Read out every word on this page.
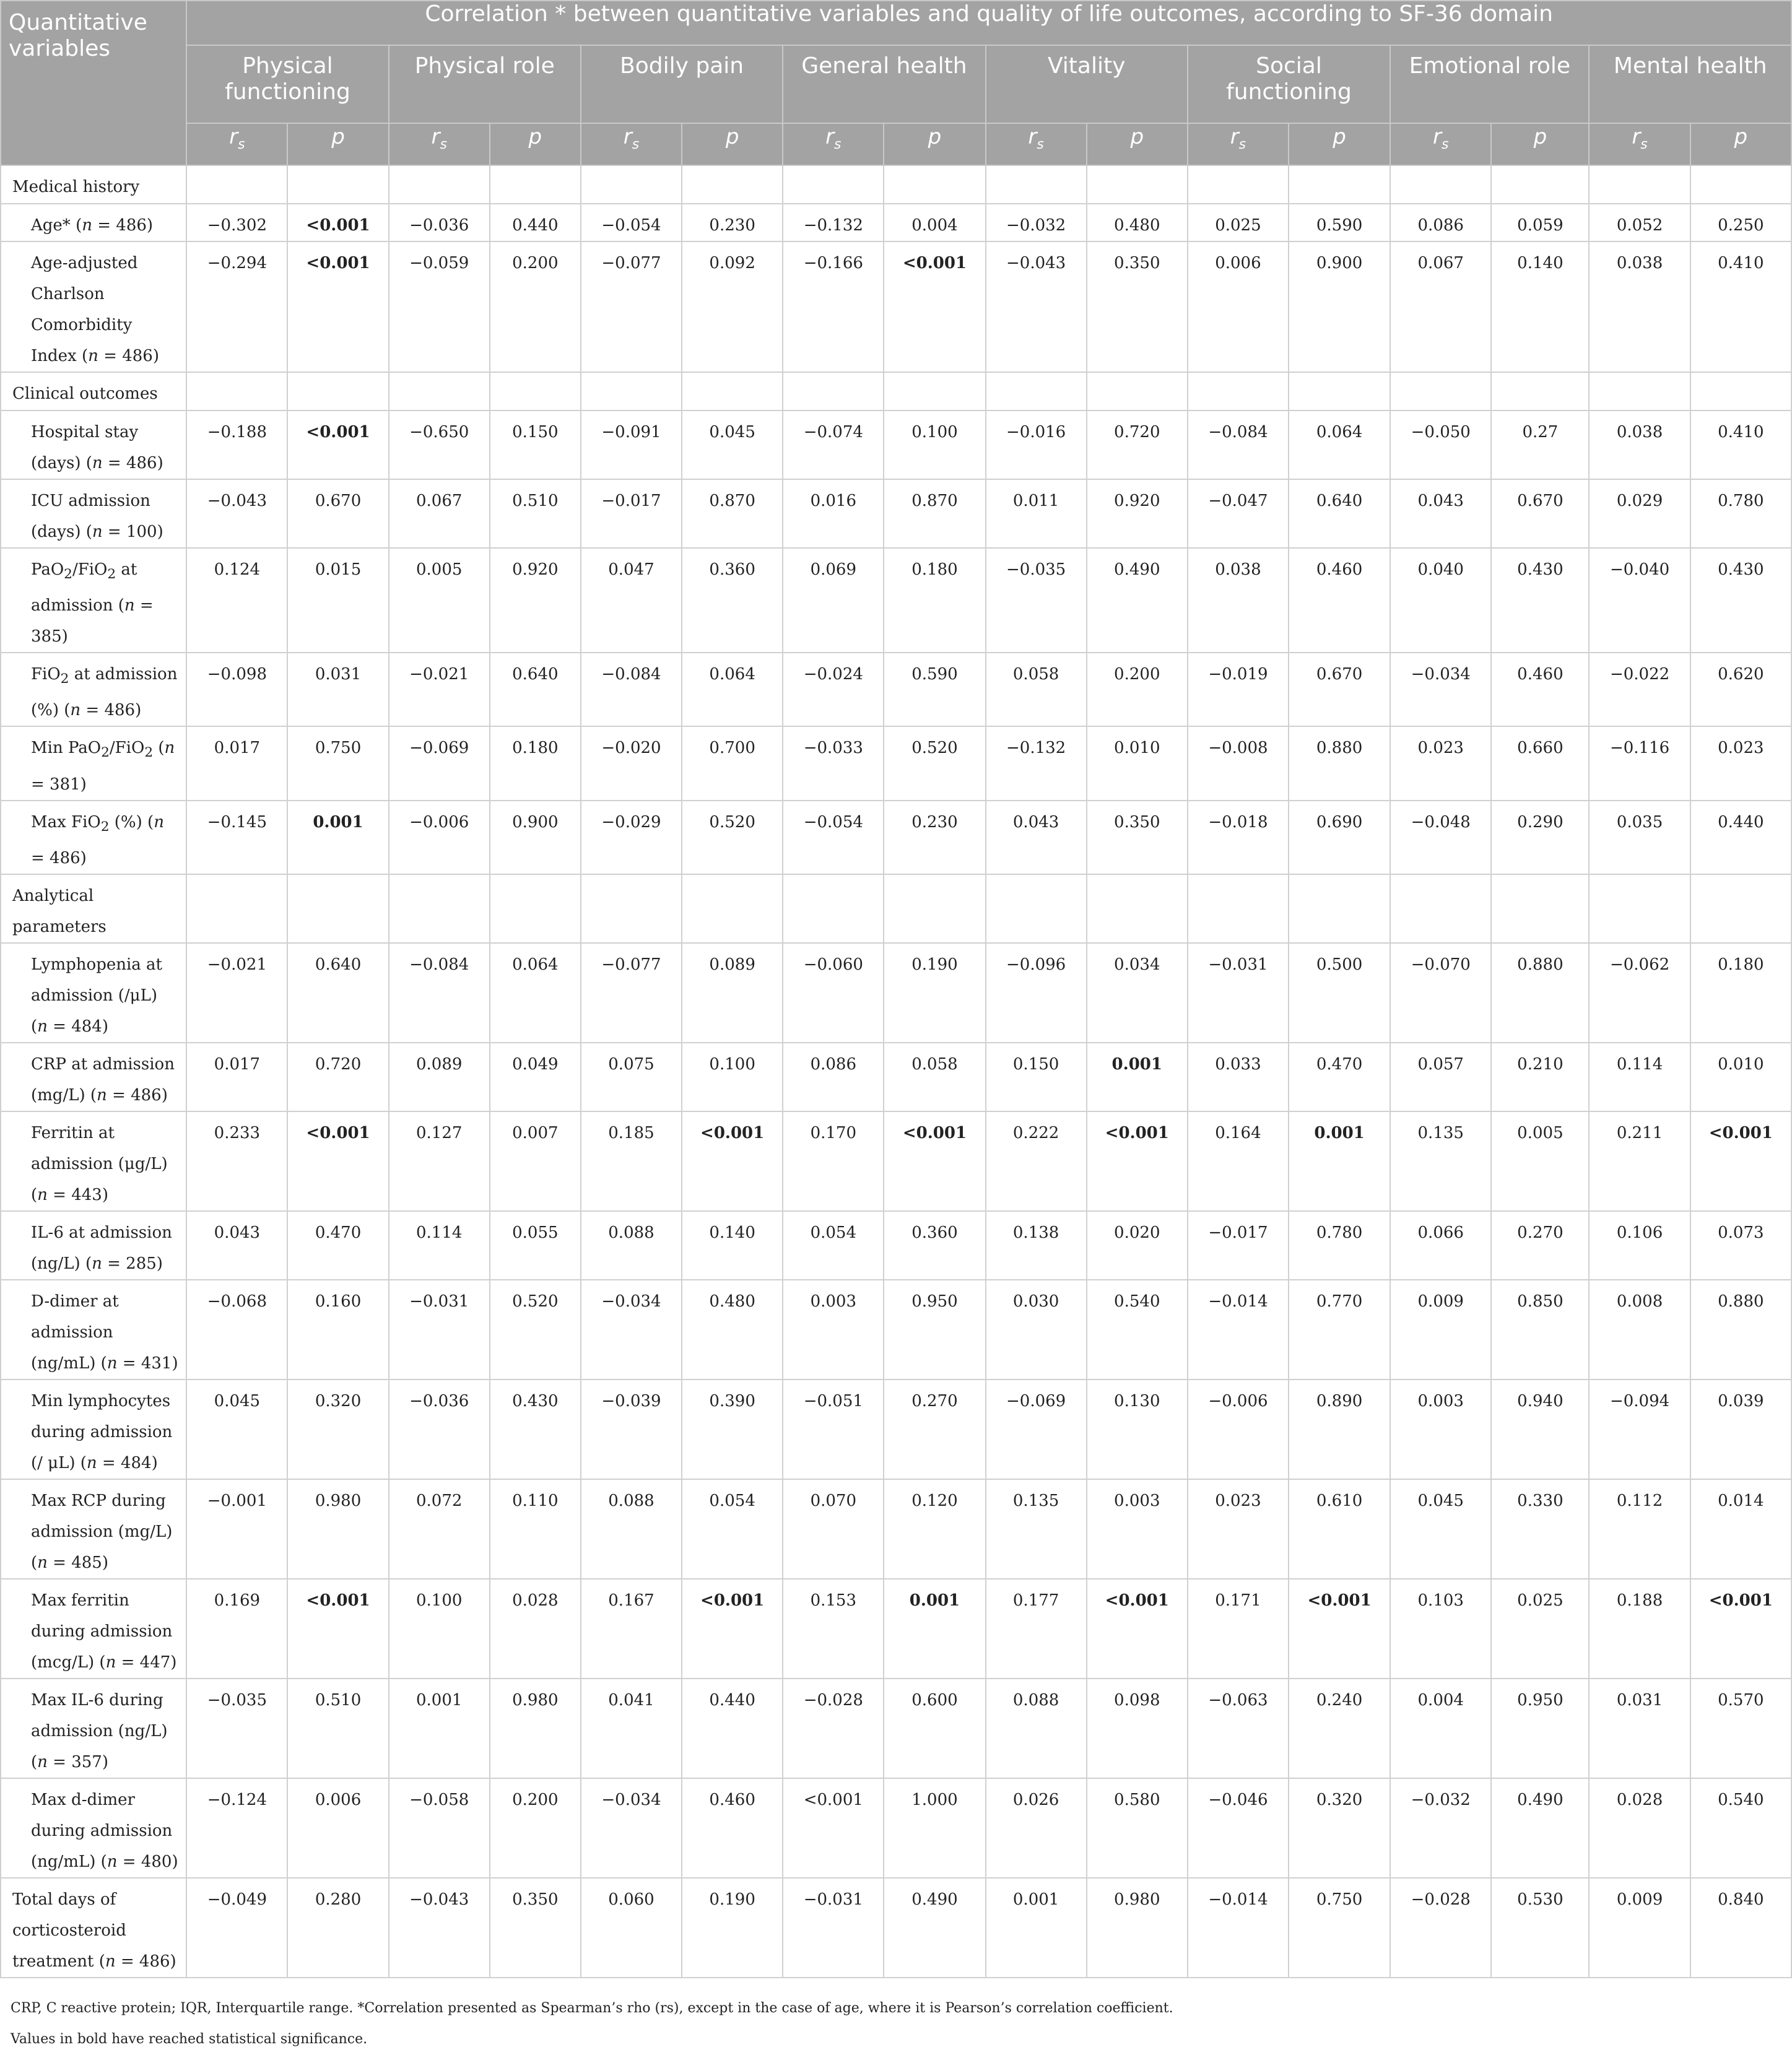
Quantitative variables	Correlation * between quantitative variables and quality of life outcomes, according to SF-36 domain															
	Physical functioning		Physical role		Bodily pain		General health		Vitality		Social functioning		Emotional role		Mental health	
	$r_s$	p	$r_s$	p	$r_s$	p	$r_s$	p	$r_s$	p	$r_s$	p	$r_s$	p	$r_s$	p
Medical history																
Age* (n = 486)	−0.302	<0.001	−0.036	0.440	−0.054	0.230	−0.132	0.004	−0.032	0.480	0.025	0.590	0.086	0.059	0.052	0.250
Age-adjusted Charlson Comorbidity Index (n = 486)	−0.294	<0.001	−0.059	0.200	−0.077	0.092	−0.166	<0.001	−0.043	0.350	0.006	0.900	0.067	0.140	0.038	0.410
Clinical outcomes																
Hospital stay (days) (n = 486)	−0.188	<0.001	−0.650	0.150	−0.091	0.045	−0.074	0.100	−0.016	0.720	−0.084	0.064	−0.050	0.27	0.038	0.410
ICU admission (days) (n = 100)	−0.043	0.670	0.067	0.510	−0.017	0.870	0.016	0.870	0.011	0.920	−0.047	0.640	0.043	0.670	0.029	0.780
PaO$_2$/FiO$_2$ at admission (n = 385)	0.124	0.015	0.005	0.920	0.047	0.360	0.069	0.180	−0.035	0.490	0.038	0.460	0.040	0.430	−0.040	0.430
FiO$_2$ at admission (%) (n = 486)	−0.098	0.031	−0.021	0.640	−0.084	0.064	−0.024	0.590	0.058	0.200	−0.019	0.670	−0.034	0.460	−0.022	0.620
Min PaO$_2$/FiO$_2$ (n = 381)	0.017	0.750	−0.069	0.180	−0.020	0.700	−0.033	0.520	−0.132	0.010	−0.008	0.880	0.023	0.660	−0.116	0.023
Max FiO$_2$ (%) (n = 486)	−0.145	0.001	−0.006	0.900	−0.029	0.520	−0.054	0.230	0.043	0.350	−0.018	0.690	−0.048	0.290	0.035	0.440
Analytical parameters																
Lymphopenia at admission (/μL) (n = 484)	−0.021	0.640	−0.084	0.064	−0.077	0.089	−0.060	0.190	−0.096	0.034	−0.031	0.500	−0.070	0.880	−0.062	0.180
CRP at admission (mg/L) (n = 486)	0.017	0.720	0.089	0.049	0.075	0.100	0.086	0.058	0.150	0.001	0.033	0.470	0.057	0.210	0.114	0.010
Ferritin at admission (μg/L) (n = 443)	0.233	<0.001	0.127	0.007	0.185	<0.001	0.170	<0.001	0.222	<0.001	0.164	0.001	0.135	0.005	0.211	<0.001
IL-6 at admission (ng/L) (n = 285)	0.043	0.470	0.114	0.055	0.088	0.140	0.054	0.360	0.138	0.020	−0.017	0.780	0.066	0.270	0.106	0.073
D-dimer at admission (ng/mL) (n = 431)	−0.068	0.160	−0.031	0.520	−0.034	0.480	0.003	0.950	0.030	0.540	−0.014	0.770	0.009	0.850	0.008	0.880
Min lymphocytes during admission (/ μL) (n = 484)	0.045	0.320	−0.036	0.430	−0.039	0.390	−0.051	0.270	−0.069	0.130	−0.006	0.890	0.003	0.940	−0.094	0.039
Max RCP during admission (mg/L) (n = 485)	−0.001	0.980	0.072	0.110	0.088	0.054	0.070	0.120	0.135	0.003	0.023	0.610	0.045	0.330	0.112	0.014
Max ferritin during admission (mcg/L) (n = 447)	0.169	<0.001	0.100	0.028	0.167	<0.001	0.153	0.001	0.177	<0.001	0.171	<0.001	0.103	0.025	0.188	<0.001
Max IL-6 during admission (ng/L) (n = 357)	−0.035	0.510	0.001	0.980	0.041	0.440	−0.028	0.600	0.088	0.098	−0.063	0.240	0.004	0.950	0.031	0.570
Max d-dimer during admission (ng/mL) (n = 480)	−0.124	0.006	−0.058	0.200	−0.034	0.460	<0.001	1.000	0.026	0.580	−0.046	0.320	−0.032	0.490	0.028	0.540
Total days of corticosteroid treatment (n = 486)	−0.049	0.280	−0.043	0.350	0.060	0.190	−0.031	0.490	0.001	0.980	−0.014	0.750	−0.028	0.530	0.009	0.840

CRP, C reactive protein; IQR, Interquartile range. *Correlation presented as Spearman’s rho (rs), except in the case of age, where it is Pearson’s correlation coefficient.
Values in bold have reached statistical significance.																
